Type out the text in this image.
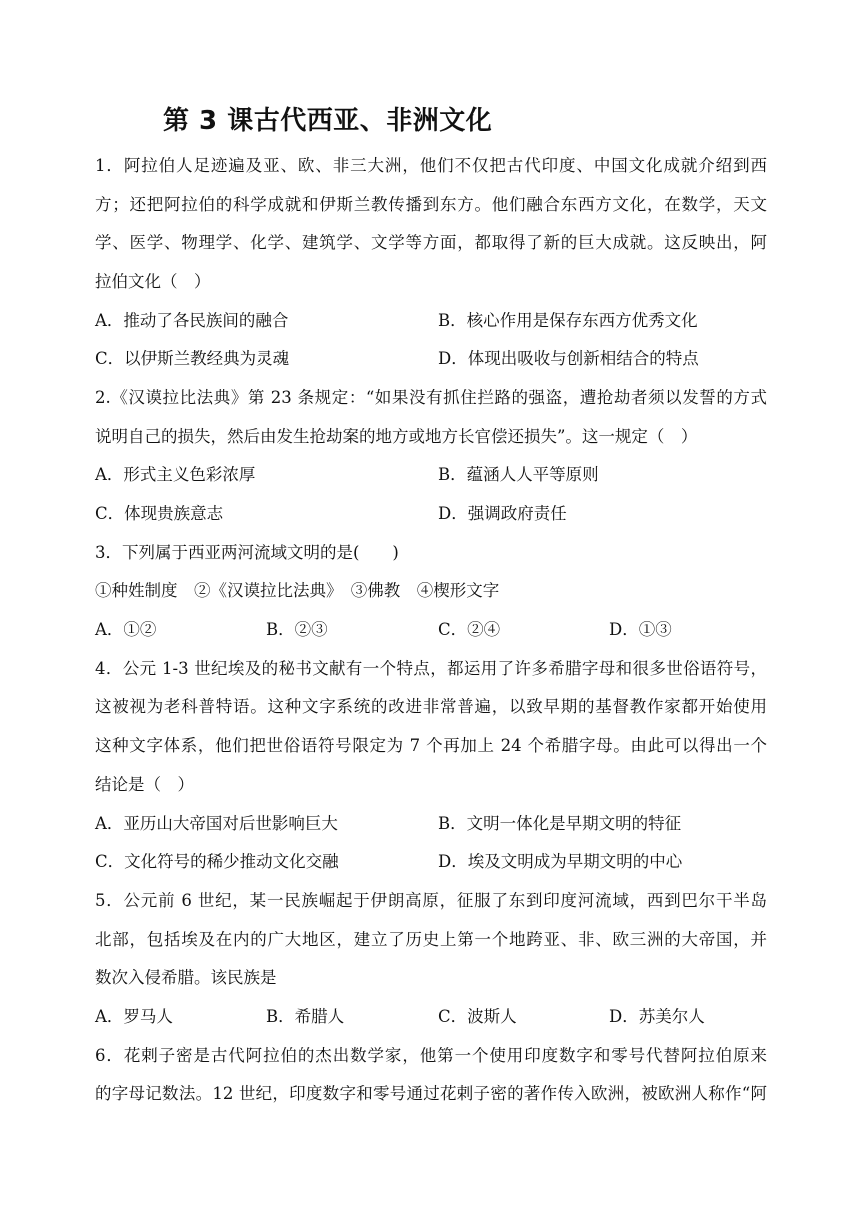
第 3 课古代西亚、非洲文化
1．阿拉伯人足迹遍及亚、欧、非三大洲，他们不仅把古代印度、中国文化成就介绍到西
方；还把阿拉伯的科学成就和伊斯兰教传播到东方。他们融合东西方文化，在数学，天文
学、医学、物理学、化学、建筑学、文学等方面，都取得了新的巨大成就。这反映出，阿
拉伯文化（　）
A．推动了各民族间的融合	B．核心作用是保存东西方优秀文化
C．以伊斯兰教经典为灵魂	D．体现出吸收与创新相结合的特点
2.《汉谟拉比法典》第 23 条规定：“如果没有抓住拦路的强盗，遭抢劫者须以发誓的方式
说明自己的损失，然后由发生抢劫案的地方或地方长官偿还损失”。这一规定（　）
A．形式主义色彩浓厚	B．蕴涵人人平等原则
C．体现贵族意志	D．强调政府责任
3．下列属于西亚两河流域文明的是(　　)
①种姓制度　②《汉谟拉比法典》　③佛教　④楔形文字
A．①②	B．②③	C．②④	D．①③
4．公元 1-3 世纪埃及的秘书文献有一个特点，都运用了许多希腊字母和很多世俗语符号，
这被视为老科普特语。这种文字系统的改进非常普遍，以致早期的基督教作家都开始使用
这种文字体系，他们把世俗语符号限定为 7 个再加上 24 个希腊字母。由此可以得出一个
结论是（　）
A．亚历山大帝国对后世影响巨大	B．文明一体化是早期文明的特征
C．文化符号的稀少推动文化交融	D．埃及文明成为早期文明的中心
5．公元前 6 世纪，某一民族崛起于伊朗高原，征服了东到印度河流域，西到巴尔干半岛
北部，包括埃及在内的广大地区，建立了历史上第一个地跨亚、非、欧三洲的大帝国，并
数次入侵希腊。该民族是
A．罗马人	B．希腊人	C．波斯人	D．苏美尔人
6．花剌子密是古代阿拉伯的杰出数学家，他第一个使用印度数字和零号代替阿拉伯原来
的字母记数法。12 世纪，印度数字和零号通过花剌子密的著作传入欧洲，被欧洲人称作“阿
